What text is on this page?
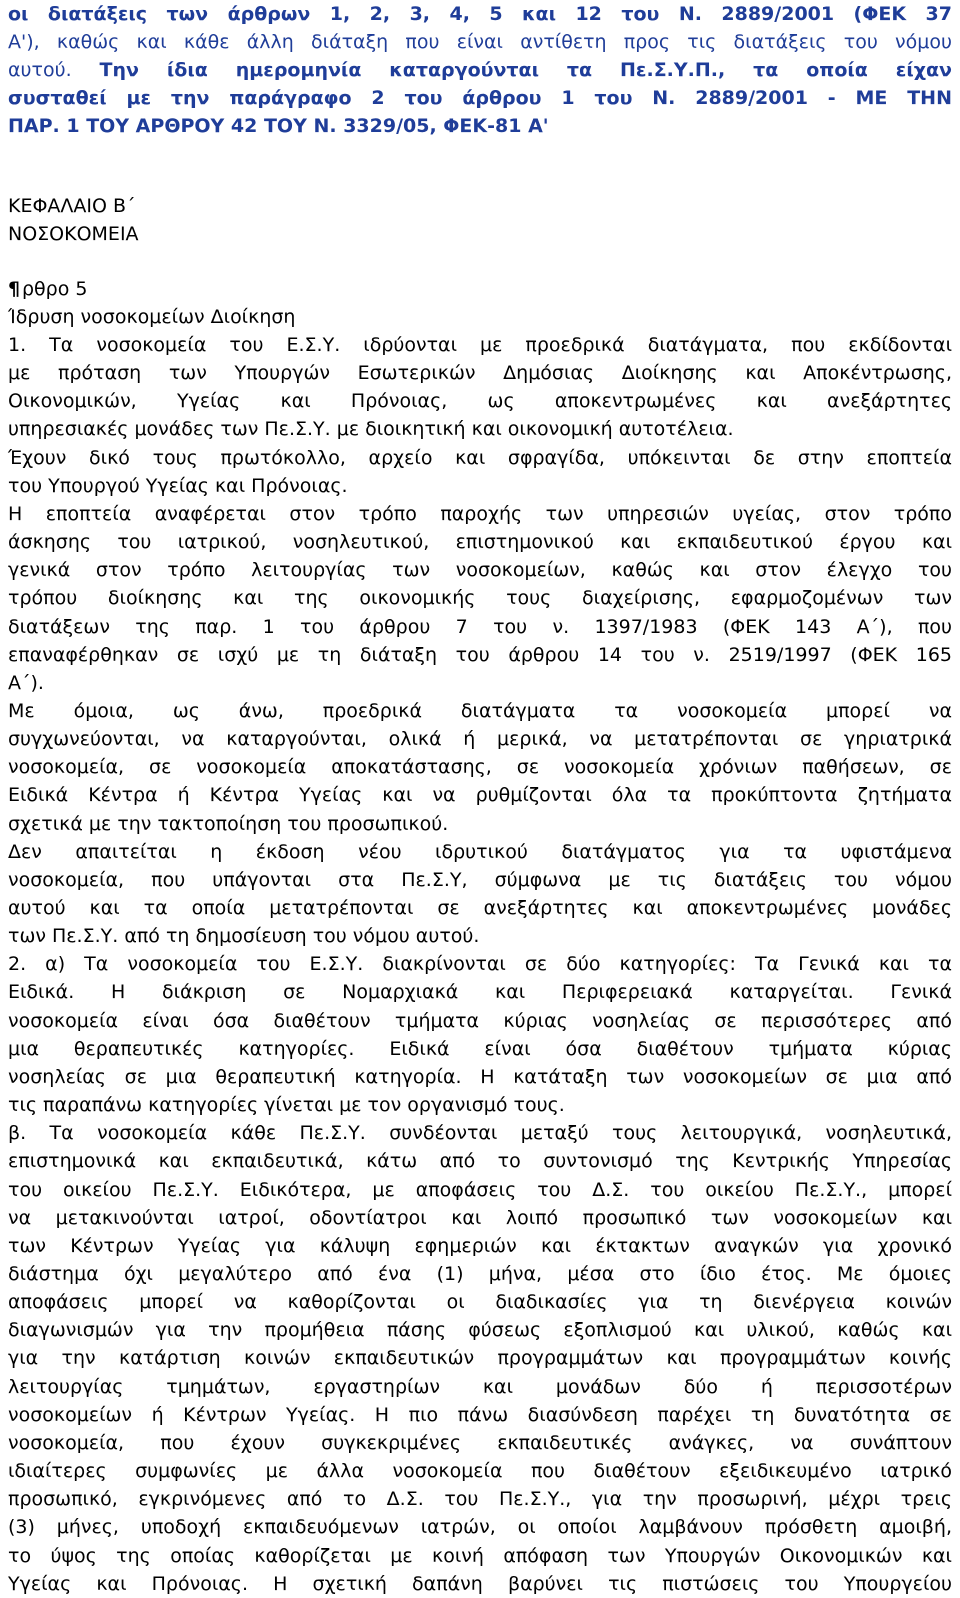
οι διατάξεις των άρθρων 1, 2, 3, 4, 5 και 12 του Ν. 2889/2001 (ΦΕΚ 37
Α'), καθώς και κάθε άλλη διάταξη που είναι αντίθετη προς τις διατάξεις του νόμου
αυτού. Την ίδια ημερομηνία καταργούνται τα Πε.Σ.Υ.Π., τα οποία είχαν
συσταθεί με την παράγραφο 2 του άρθρου 1 του Ν. 2889/2001 - ΜΕ ΤΗΝ
ΠΑΡ. 1 ΤΟΥ ΑΡΘΡΟΥ 42 ΤΟΥ Ν. 3329/05, ΦΕΚ-81 Α'
ΚΕΦΑΛΑΙΟ Β΄
ΝΟΣΟΚΟΜΕΙΑ
¶ ρθρο 5
Ίδρυση νοσοκομείων Διοίκηση
1. Τα νοσοκομεία του Ε.Σ.Υ. ιδρύονται με προεδρικά διατάγματα, που εκδίδονται
με πρόταση των Υπουργών Εσωτερικών Δημόσιας Διοίκησης και Αποκέντρωσης,
Οικονομικών, Υγείας και Πρόνοιας, ως αποκεντρωμένες και ανεξάρτητες
υπηρεσιακές μονάδες των Πε.Σ.Υ. με διοικητική και οικονομική αυτοτέλεια.
Έχουν δικό τους πρωτόκολλο, αρχείο και σφραγίδα, υπόκεινται δε στην εποπτεία
του Υπουργού Υγείας και Πρόνοιας.
Η εποπτεία αναφέρεται στον τρόπο παροχής των υπηρεσιών υγείας, στον τρόπο
άσκησης του ιατρικού, νοσηλευτικού, επιστημονικού και εκπαιδευτικού έργου και
γενικά στον τρόπο λειτουργίας των νοσοκομείων, καθώς και στον έλεγχο του
τρόπου διοίκησης και της οικονομικής τους διαχείρισης, εφαρμοζομένων των
διατάξεων της παρ. 1 του άρθρου 7 του ν. 1397/1983 (ΦΕΚ 143 Α΄), που
επαναφέρθηκαν σε ισχύ με τη διάταξη του άρθρου 14 του ν. 2519/1997 (ΦΕΚ 165
Α΄).
Με όμοια, ως άνω, προεδρικά διατάγματα τα νοσοκομεία μπορεί να
συγχωνεύονται, να καταργούνται, ολικά ή μερικά, να μετατρέπονται σε γηριατρικά
νοσοκομεία, σε νοσοκομεία αποκατάστασης, σε νοσοκομεία χρόνιων παθήσεων, σε
Ειδικά Κέντρα ή Κέντρα Υγείας και να ρυθμίζονται όλα τα προκύπτοντα ζητήματα
σχετικά με την τακτοποίηση του προσωπικού.
Δεν απαιτείται η έκδοση νέου ιδρυτικού διατάγματος για τα υφιστάμενα
νοσοκομεία, που υπάγονται στα Πε.Σ.Υ, σύμφωνα με τις διατάξεις του νόμου
αυτού και τα οποία μετατρέπονται σε ανεξάρτητες και αποκεντρωμένες μονάδες
των Πε.Σ.Υ. από τη δημοσίευση του νόμου αυτού.
2. α) Τα νοσοκομεία του Ε.Σ.Υ. διακρίνονται σε δύο κατηγορίες: Τα Γενικά και τα
Ειδικά. Η διάκριση σε Νομαρχιακά και Περιφερειακά καταργείται. Γενικά
νοσοκομεία είναι όσα διαθέτουν τμήματα κύριας νοσηλείας σε περισσότερες από
μια θεραπευτικές κατηγορίες. Ειδικά είναι όσα διαθέτουν τμήματα κύριας
νοσηλείας σε μια θεραπευτική κατηγορία. Η κατάταξη των νοσοκομείων σε μια από
τις παραπάνω κατηγορίες γίνεται με τον οργανισμό τους.
β. Τα νοσοκομεία κάθε Πε.Σ.Υ. συνδέονται μεταξύ τους λειτουργικά, νοσηλευτικά,
επιστημονικά και εκπαιδευτικά, κάτω από το συντονισμό της Κεντρικής Υπηρεσίας
του οικείου Πε.Σ.Υ. Ειδικότερα, με αποφάσεις του Δ.Σ. του οικείου Πε.Σ.Υ., μπορεί
να μετακινούνται ιατροί, οδοντίατροι και λοιπό προσωπικό των νοσοκομείων και
των Κέντρων Υγείας για κάλυψη εφημεριών και έκτακτων αναγκών για χρονικό
διάστημα όχι μεγαλύτερο από ένα (1) μήνα, μέσα στο ίδιο έτος. Με όμοιες
αποφάσεις μπορεί να καθορίζονται οι διαδικασίες για τη διενέργεια κοινών
διαγωνισμών για την προμήθεια πάσης φύσεως εξοπλισμού και υλικού, καθώς και
για την κατάρτιση κοινών εκπαιδευτικών προγραμμάτων και προγραμμάτων κοινής
λειτουργίας τμημάτων, εργαστηρίων και μονάδων δύο ή περισσοτέρων
νοσοκομείων ή Κέντρων Υγείας. Η πιο πάνω διασύνδεση παρέχει τη δυνατότητα σε
νοσοκομεία, που έχουν συγκεκριμένες εκπαιδευτικές ανάγκες, να συνάπτουν
ιδιαίτερες συμφωνίες με άλλα νοσοκομεία που διαθέτουν εξειδικευμένο ιατρικό
προσωπικό, εγκρινόμενες από το Δ.Σ. του Πε.Σ.Υ., για την προσωρινή, μέχρι τρεις
(3) μήνες, υποδοχή εκπαιδευόμενων ιατρών, οι οποίοι λαμβάνουν πρόσθετη αμοιβή,
το ύψος της οποίας καθορίζεται με κοινή απόφαση των Υπουργών Οικονομικών και
Υγείας και Πρόνοιας. Η σχετική δαπάνη βαρύνει τις πιστώσεις του Υπουργείου
